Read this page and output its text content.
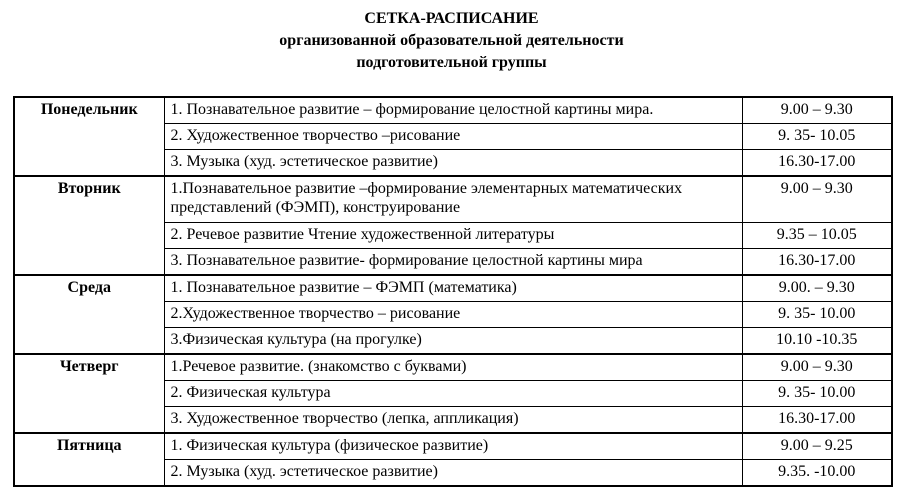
СЕТКА-РАСПИСАНИЕ
организованной образовательной деятельности
подготовительной группы
Понедельник	1. Познавательное развитие – формирование целостной картины мира.	9.00 – 9.30
	2. Художественное творчество –рисование	9. 35- 10.05
	3. Музыка (худ. эстетическое развитие)	16.30-17.00
Вторник	1.Познавательное развитие –формирование элементарных математических представлений (ФЭМП), конструирование	9.00 – 9.30
	2. Речевое развитие Чтение художественной литературы	9.35 – 10.05
	3. Познавательное развитие- формирование целостной картины мира	16.30-17.00
Среда	1. Познавательное развитие – ФЭМП (математика)	9.00. – 9.30
	2.Художественное творчество – рисование	9. 35- 10.00
	3.Физическая культура (на прогулке)	10.10 -10.35
Четверг	1.Речевое развитие. (знакомство с буквами)	9.00 – 9.30
	2. Физическая культура	9. 35- 10.00
	3. Художественное творчество (лепка, аппликация)	16.30-17.00
Пятница	1. Физическая культура (физическое развитие)	9.00 – 9.25
	2. Музыка (худ. эстетическое развитие)	9.35. -10.00
